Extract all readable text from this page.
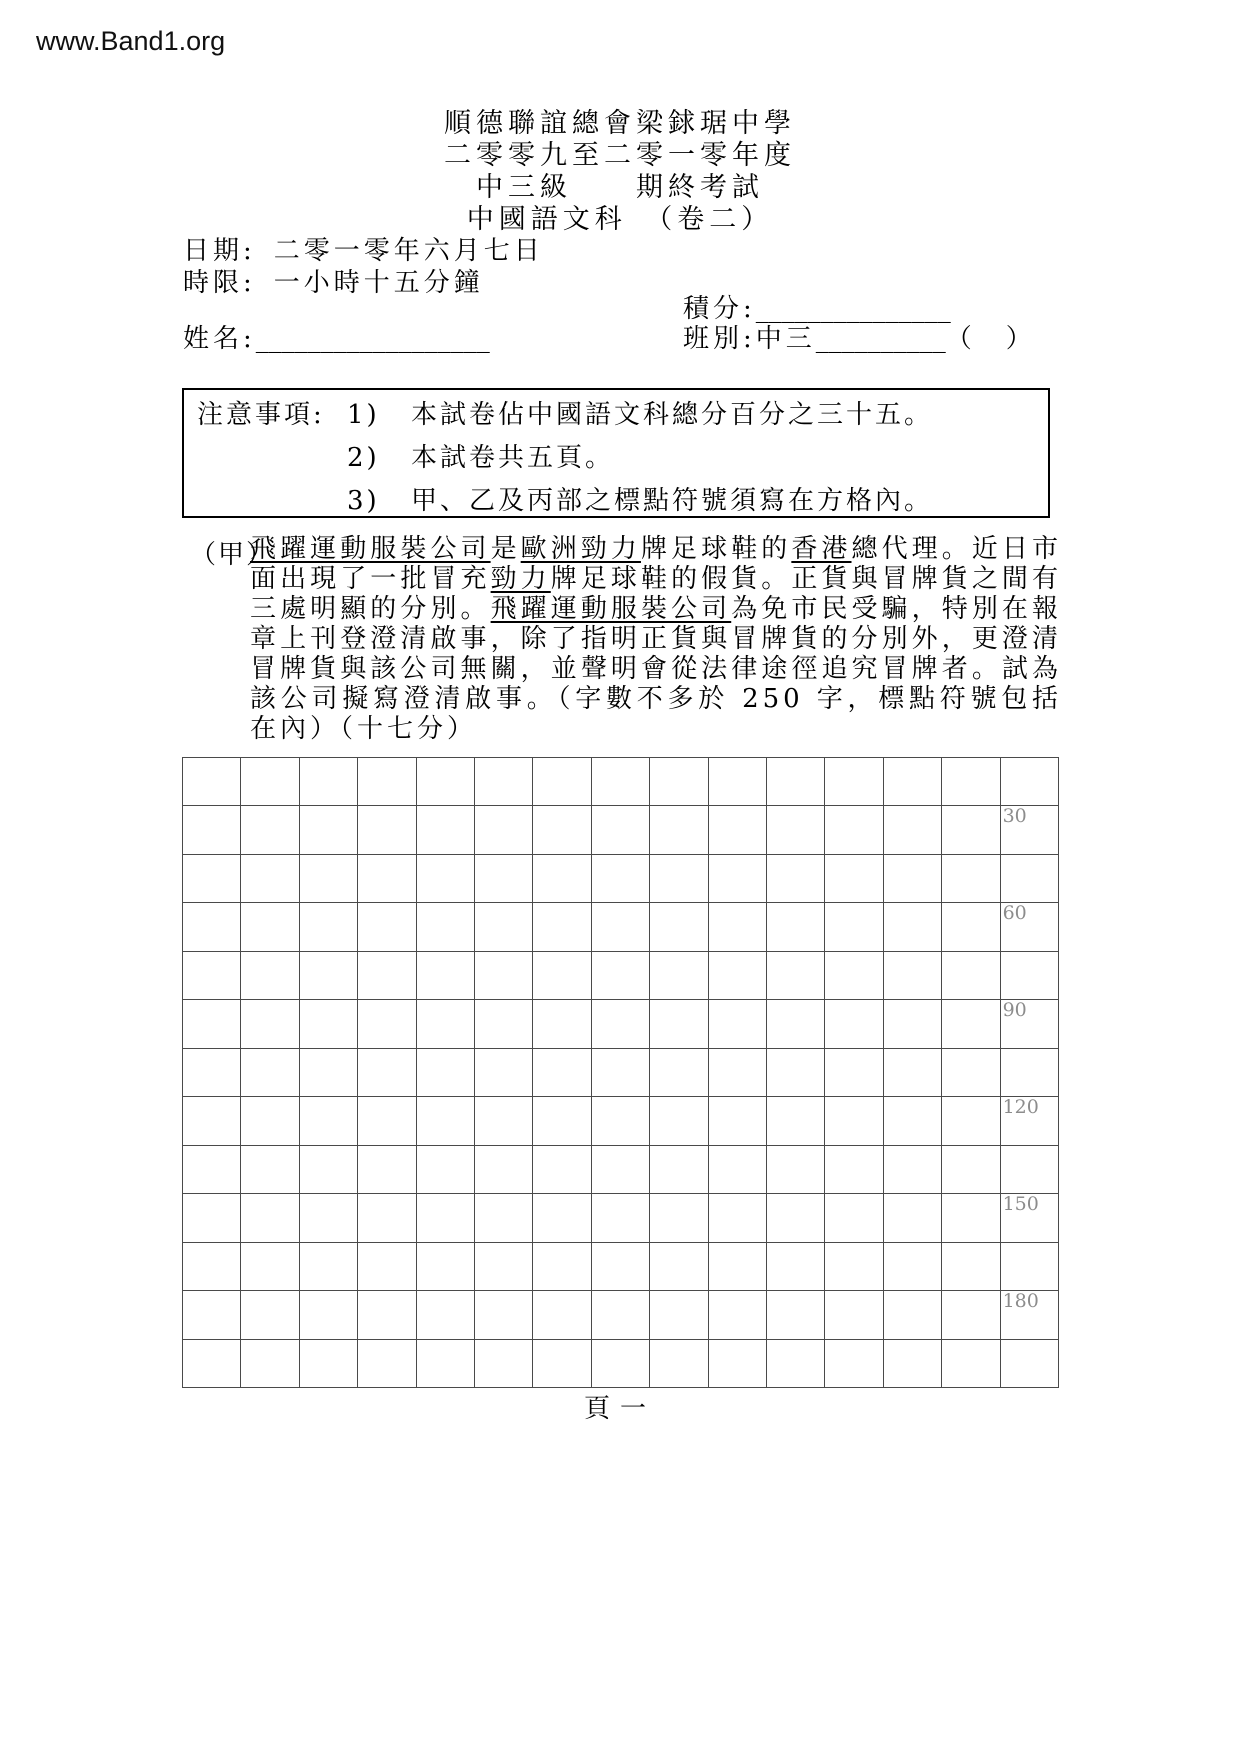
www.Band1.org
順德聯誼總會梁銶琚中學
二零零九至二零一零年度
中三級　　期終考試
中國語文科　（卷二）
日期: 二零一零年六月七日
時限: 一小時十五分鐘
積分:_______________
姓名:__________________	班別:中三__________（　）
注意事項: 1)	本試卷佔中國語文科總分百分之三十五。
2)	本試卷共五頁。
3)	甲、乙及丙部之標點符號須寫在方格內。
（甲）
飛躍運動服裝公司是歐洲勁力牌足球鞋的香港總代理。近日市面出現了一批冒充勁力牌足球鞋的假貨。正貨與冒牌貨之間有三處明顯的分別。飛躍運動服裝公司為免市民受騙，特別在報章上刊登澄清啟事，除了指明正貨與冒牌貨的分別外，更澄清冒牌貨與該公司無關，並聲明會從法律途徑追究冒牌者。試為該公司擬寫澄清啟事。（字數不多於 250 字，標點符號包括在內）（十七分）
30
60
90
120
150
180
頁一
